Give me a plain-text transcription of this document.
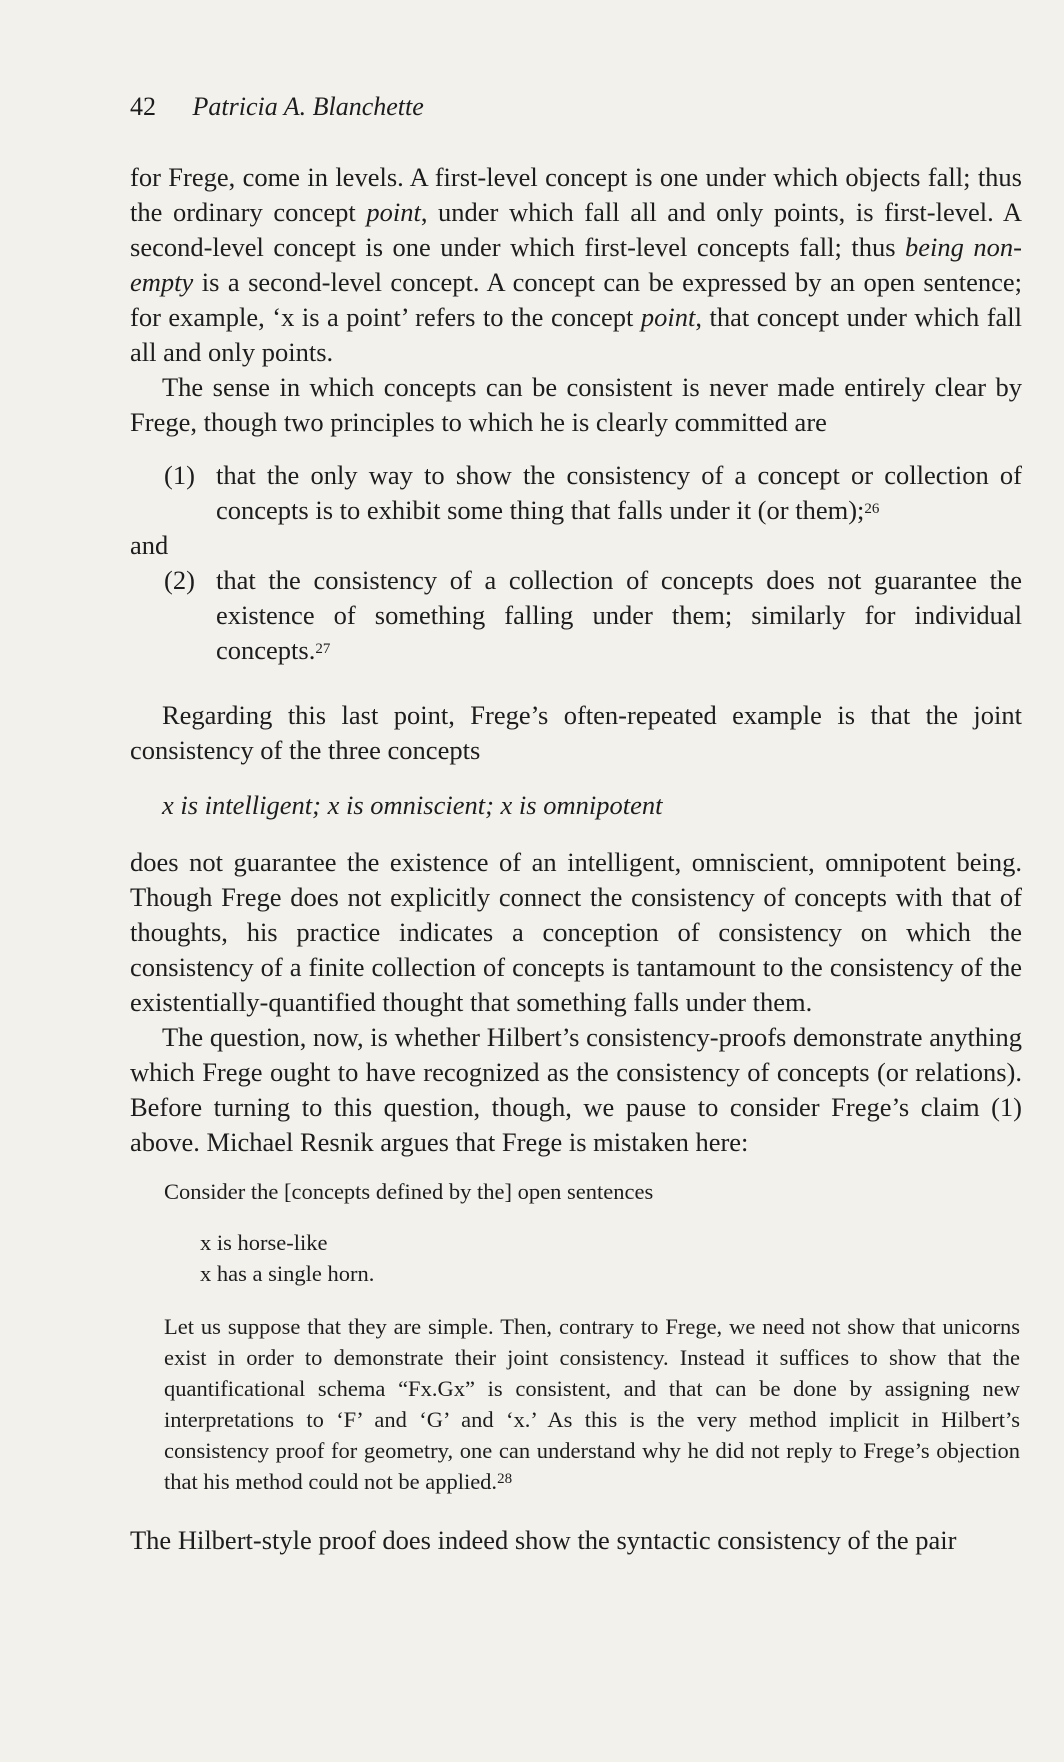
42 Patricia A. Blanchette

for Frege, come in levels. A first-level concept is one under which objects fall; thus the ordinary concept point, under which fall all and only points, is first-level. A second-level concept is one under which first-level concepts fall; thus being non-empty is a second-level concept. A concept can be expressed by an open sentence; for example, ‘x is a point’ refers to the concept point, that concept under which fall all and only points.

The sense in which concepts can be consistent is never made entirely clear by Frege, though two principles to which he is clearly committed are

(1) that the only way to show the consistency of a concept or collection of concepts is to exhibit some thing that falls under it (or them);$^{26}$

and

(2) that the consistency of a collection of concepts does not guarantee the existence of something falling under them; similarly for individual concepts.$^{27}$

Regarding this last point, Frege’s often-repeated example is that the joint consistency of the three concepts

x is intelligent; x is omniscient; x is omnipotent

does not guarantee the existence of an intelligent, omniscient, omnipotent being. Though Frege does not explicitly connect the consistency of concepts with that of thoughts, his practice indicates a conception of consistency on which the consistency of a finite collection of concepts is tantamount to the consistency of the existentially-quantified thought that something falls under them.

The question, now, is whether Hilbert’s consistency-proofs demonstrate anything which Frege ought to have recognized as the consistency of concepts (or relations). Before turning to this question, though, we pause to consider Frege’s claim (1) above. Michael Resnik argues that Frege is mistaken here:

Consider the [concepts defined by the] open sentences

x is horse-like
x has a single horn.

Let us suppose that they are simple. Then, contrary to Frege, we need not show that unicorns exist in order to demonstrate their joint consistency. Instead it suffices to show that the quantificational schema “Fx.Gx” is consistent, and that can be done by assigning new interpretations to ‘F’ and ‘G’ and ‘x.’ As this is the very method implicit in Hilbert’s consistency proof for geometry, one can understand why he did not reply to Frege’s objection that his method could not be applied.$^{28}$

The Hilbert-style proof does indeed show the syntactic consistency of the pair
